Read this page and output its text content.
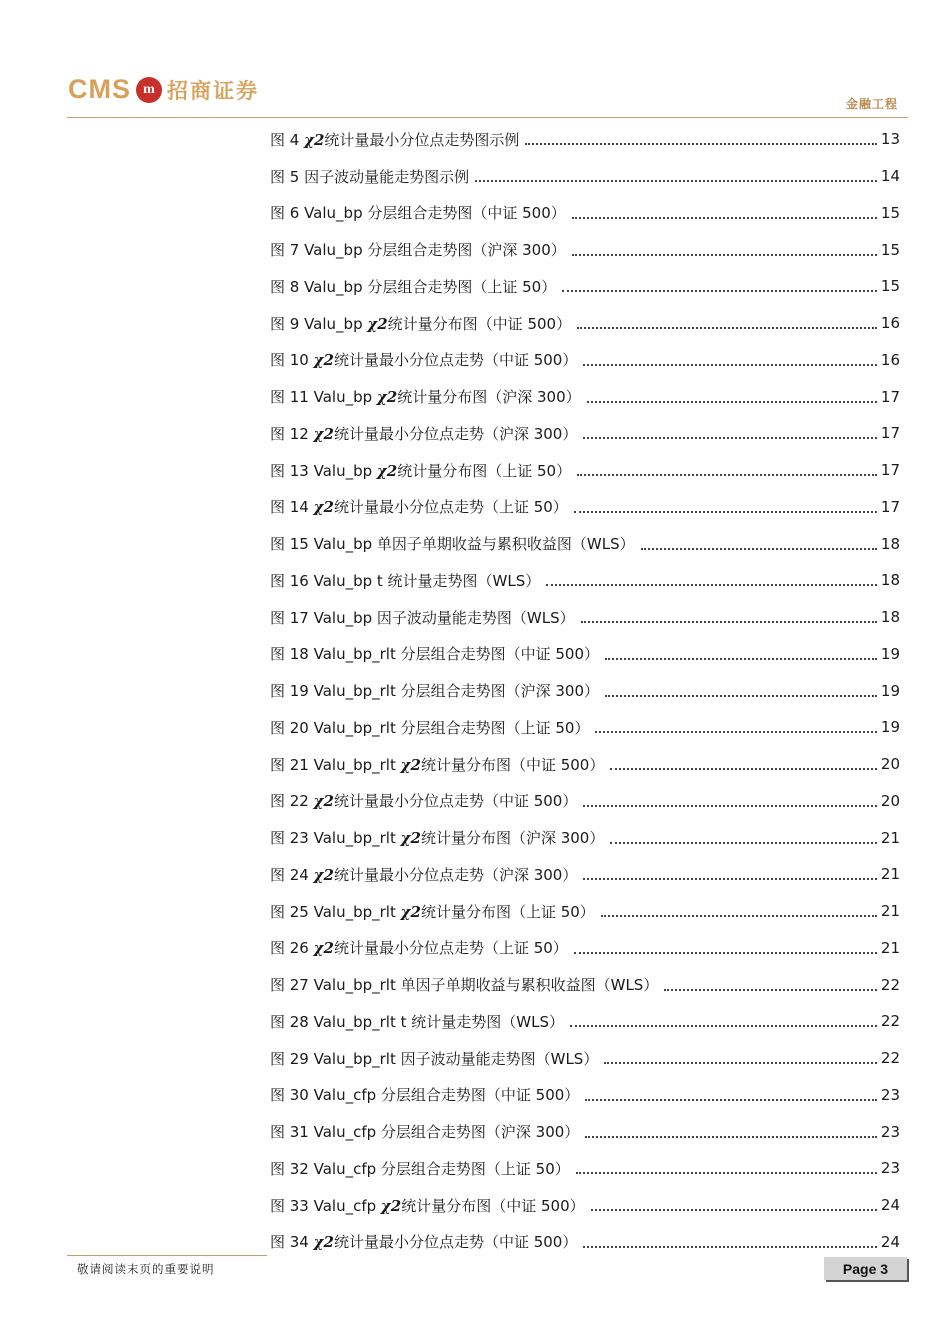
CMS m 招商证券
金融工程
图 4 χ2统计量最小分位点走势图示例	13
图 5 因子波动量能走势图示例	14
图 6 Valu_bp 分层组合走势图（中证 500）	15
图 7 Valu_bp 分层组合走势图（沪深 300）	15
图 8 Valu_bp 分层组合走势图（上证 50）	15
图 9 Valu_bp χ2统计量分布图（中证 500）	16
图 10 χ2统计量最小分位点走势（中证 500）	16
图 11 Valu_bp χ2统计量分布图（沪深 300）	17
图 12 χ2统计量最小分位点走势（沪深 300）	17
图 13 Valu_bp χ2统计量分布图（上证 50）	17
图 14 χ2统计量最小分位点走势（上证 50）	17
图 15 Valu_bp 单因子单期收益与累积收益图（WLS）	18
图 16 Valu_bp t 统计量走势图（WLS）	18
图 17 Valu_bp 因子波动量能走势图（WLS）	18
图 18 Valu_bp_rlt 分层组合走势图（中证 500）	19
图 19 Valu_bp_rlt 分层组合走势图（沪深 300）	19
图 20 Valu_bp_rlt 分层组合走势图（上证 50）	19
图 21 Valu_bp_rlt χ2统计量分布图（中证 500）	20
图 22 χ2统计量最小分位点走势（中证 500）	20
图 23 Valu_bp_rlt χ2统计量分布图（沪深 300）	21
图 24 χ2统计量最小分位点走势（沪深 300）	21
图 25 Valu_bp_rlt χ2统计量分布图（上证 50）	21
图 26 χ2统计量最小分位点走势（上证 50）	21
图 27 Valu_bp_rlt 单因子单期收益与累积收益图（WLS）	22
图 28 Valu_bp_rlt t 统计量走势图（WLS）	22
图 29 Valu_bp_rlt 因子波动量能走势图（WLS）	22
图 30 Valu_cfp 分层组合走势图（中证 500）	23
图 31 Valu_cfp 分层组合走势图（沪深 300）	23
图 32 Valu_cfp 分层组合走势图（上证 50）	23
图 33 Valu_cfp χ2统计量分布图（中证 500）	24
图 34 χ2统计量最小分位点走势（中证 500）	24
敬请阅读末页的重要说明	Page 3
